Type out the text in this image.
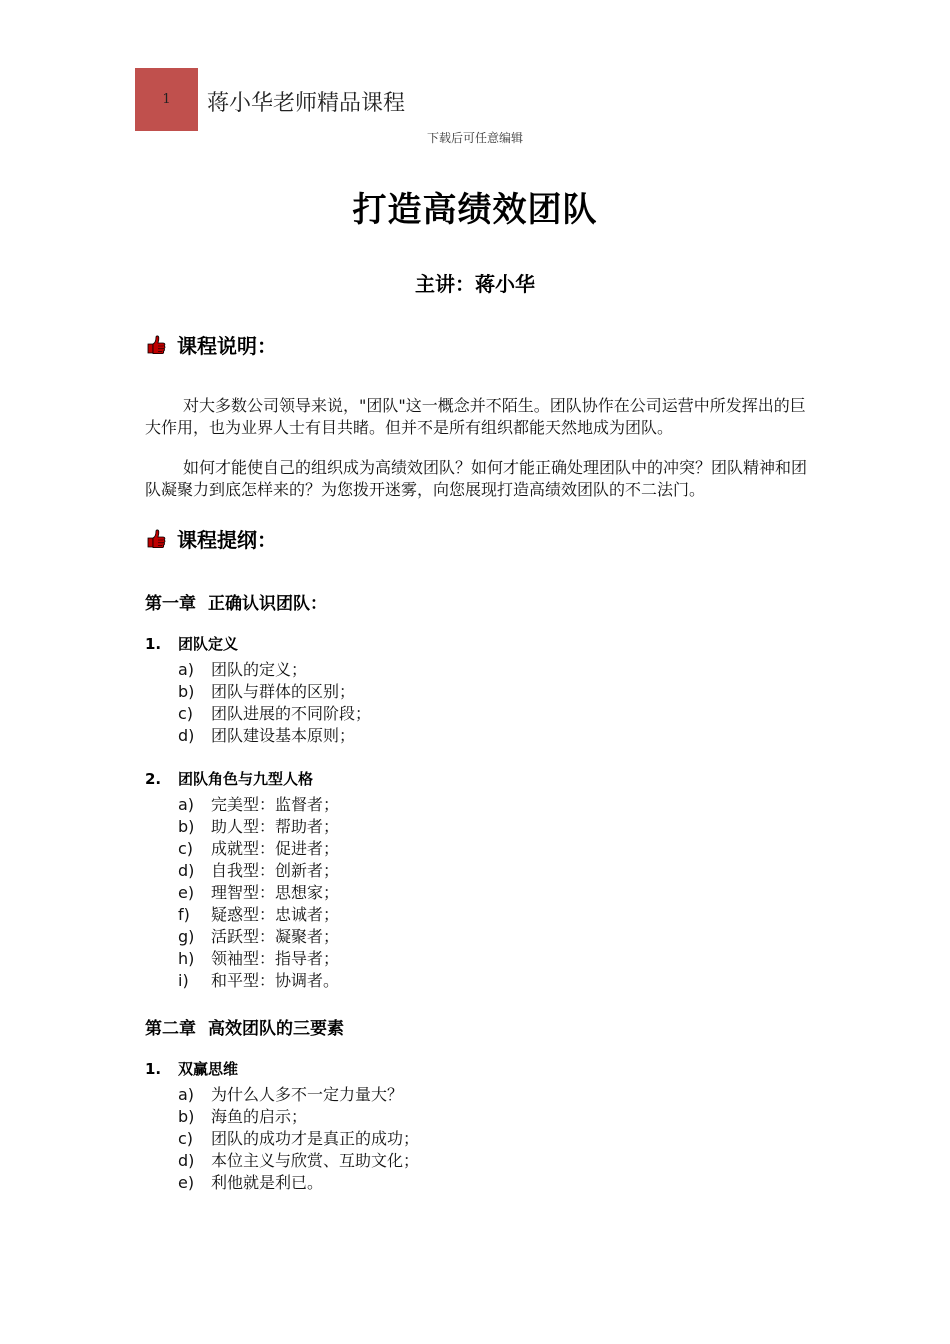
1	蒋小华老师精品课程
下载后可任意编辑
打造高绩效团队
主讲：蒋小华
课程说明：
对大多数公司领导来说，"团队"这一概念并不陌生。团队协作在公司运营中所发挥出的巨大作用，也为业界人士有目共睹。但并不是所有组织都能天然地成为团队。
如何才能使自己的组织成为高绩效团队？如何才能正确处理团队中的冲突？团队精神和团队凝聚力到底怎样来的？为您拨开迷雾，向您展现打造高绩效团队的不二法门。
课程提纲：
第一章 正确认识团队：
1. 团队定义
a) 团队的定义；
b) 团队与群体的区别；
c) 团队进展的不同阶段；
d) 团队建设基本原则；
2. 团队角色与九型人格
a) 完美型：监督者；
b) 助人型：帮助者；
c) 成就型：促进者；
d) 自我型：创新者；
e) 理智型：思想家；
f) 疑惑型：忠诚者；
g) 活跃型：凝聚者；
h) 领袖型：指导者；
i) 和平型：协调者。
第二章 高效团队的三要素
1. 双赢思维
a) 为什么人多不一定力量大？
b) 海鱼的启示；
c) 团队的成功才是真正的成功；
d) 本位主义与欣赏、互助文化；
e) 利他就是利已。
